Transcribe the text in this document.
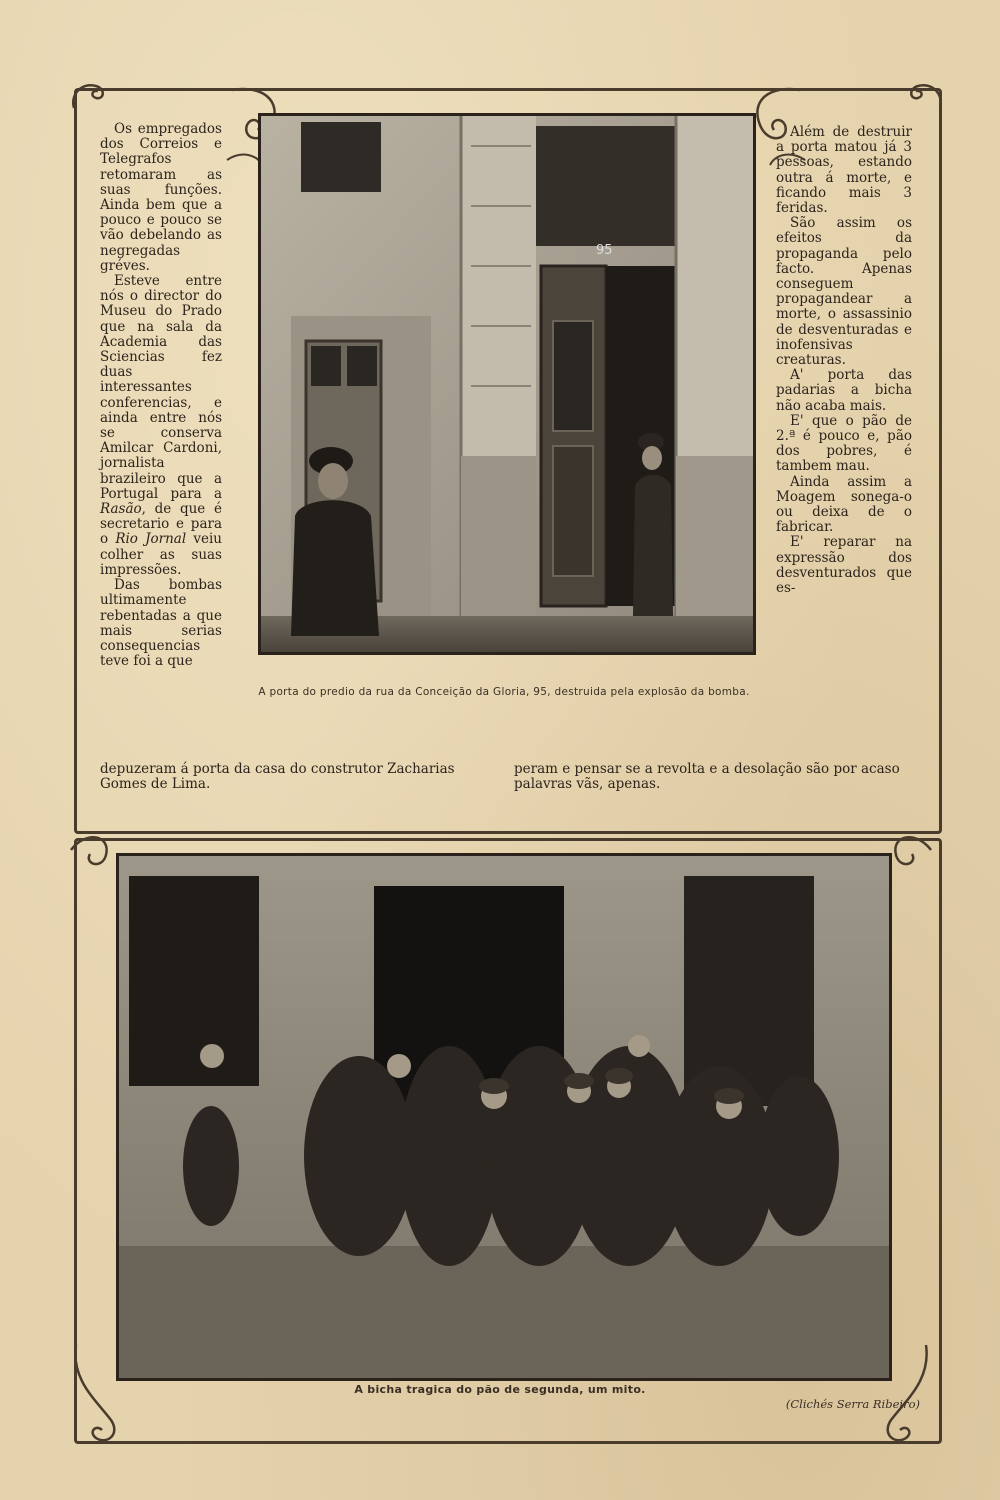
95

Os empregados dos Correios e Telegrafos retomaram as suas funções. Ainda bem que a pouco e pouco se vão debelando as negregadas gréves.

Esteve entre nós o director do Museu do Prado que na sala da Academia das Sciencias fez duas interessantes conferencias, e ainda entre nós se conserva Amilcar Cardoni, jornalista brazileiro que a Portugal para a Rasão, de que é secretario e para o Rio Jornal veiu colher as suas impressões.

Das bombas ultimamente rebentadas a que mais serias consequencias teve foi a que

Além de destruir a porta matou já 3 pessoas, estando outra á morte, e ficando mais 3 feridas.

São assim os efeitos da propaganda pelo facto. Apenas conseguem propagandear a morte, o assassinio de desventuradas e inofensivas creaturas.

A' porta das padarias a bicha não acaba mais.

E' que o pão de 2.ª é pouco e, pão dos pobres, é tambem mau.

Ainda assim a Moagem sonega-o ou deixa de o fabricar.

E' reparar na expressão dos desventurados que es-

depuzeram á porta da casa do construtor Zacharias Gomes de Lima.
peram e pensar se a revolta e a desolação são por acaso palavras vãs, apenas.
A porta do predio da rua da Conceição da Gloria, 95, destruida pela explosão da bomba.
A bicha tragica do pão de segunda, um mito.
(Clichés Serra Ribeiro)
